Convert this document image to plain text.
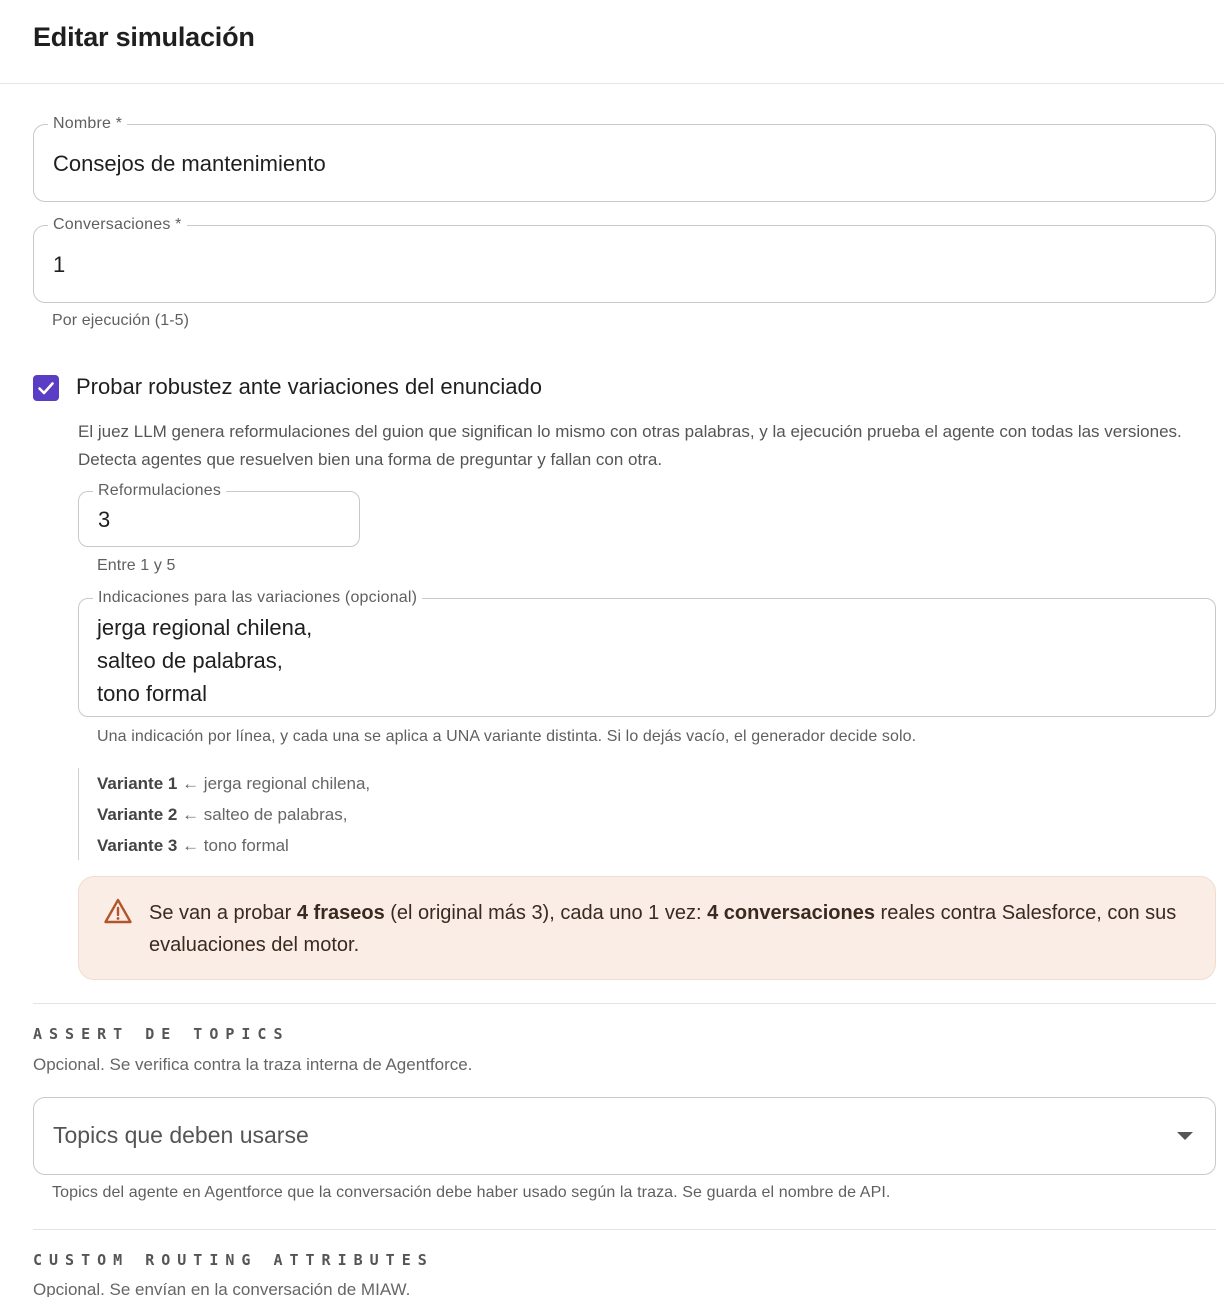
Editar simulación
Nombre *
Consejos de mantenimiento
Conversaciones *
1
Por ejecución (1-5)
Probar robustez ante variaciones del enunciado
El juez LLM genera reformulaciones del guion que significan lo mismo con otras palabras, y la ejecución prueba el agente con todas las versiones. Detecta agentes que resuelven bien una forma de preguntar y fallan con otra.
Reformulaciones
3
Entre 1 y 5
Indicaciones para las variaciones (opcional)
jerga regional chilena,
salteo de palabras,
tono formal
Una indicación por línea, y cada una se aplica a UNA variante distinta. Si lo dejás vacío, el generador decide solo.
Variante 1 ← jerga regional chilena,
Variante 2 ← salteo de palabras,
Variante 3 ← tono formal
Se van a probar 4 fraseos (el original más 3), cada uno 1 vez: 4 conversaciones reales contra Salesforce, con sus evaluaciones del motor.
ASSERT DE TOPICS
Opcional. Se verifica contra la traza interna de Agentforce.
Topics que deben usarse
Topics del agente en Agentforce que la conversación debe haber usado según la traza. Se guarda el nombre de API.
CUSTOM ROUTING ATTRIBUTES
Opcional. Se envían en la conversación de MIAW.
